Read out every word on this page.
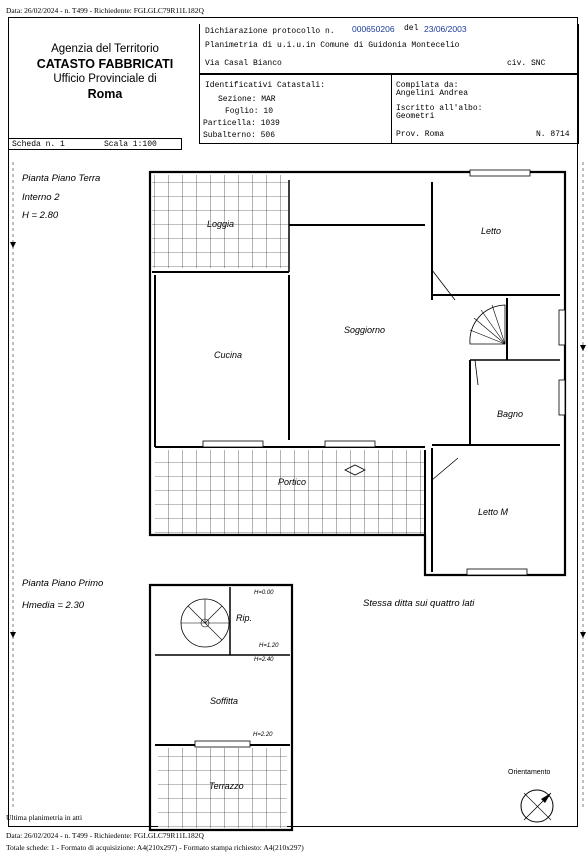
Data: 26/02/2024 - n. T499 - Richiedente: FGLGLC79R11L182Q
Agenzia del Territorio
CATASTO FABBRICATI
Ufficio Provinciale di
Roma
Dichiarazione protocollo n. 000650206 del 23/06/2003
Planimetria di u.i.u.in Comune di Guidonia Montecelio
Via Casal Bianco	civ. SNC
Identificativi Catastali:
Sezione: MAR
Foglio: 10
Particella: 1039
Subalterno: 506
Compilata da:
Angelini Andrea
Iscritto all'albo:
Geometri
Prov. Roma	N. 8714
Scheda n. 1	Scala 1:100
Pianta Piano Terra
Interno 2
H = 2.80
Loggia
Letto
Soggiorno
Cucina
Bagno
Portico
Letto M
Pianta Piano Primo
Hmedia = 2.30	Stessa ditta sui quattro lati
H=0.00
Rip.
H=1.20
H=2.40
Soffitta
H=2.20
Terrazzo
Orientamento
Ultima planimetria in atti
Data: 26/02/2024 - n. T499 - Richiedente: FGLGLC79R11L182Q
Totale schede: 1 - Formato di acquisizione: A4(210x297) - Formato stampa richiesto: A4(210x297)
